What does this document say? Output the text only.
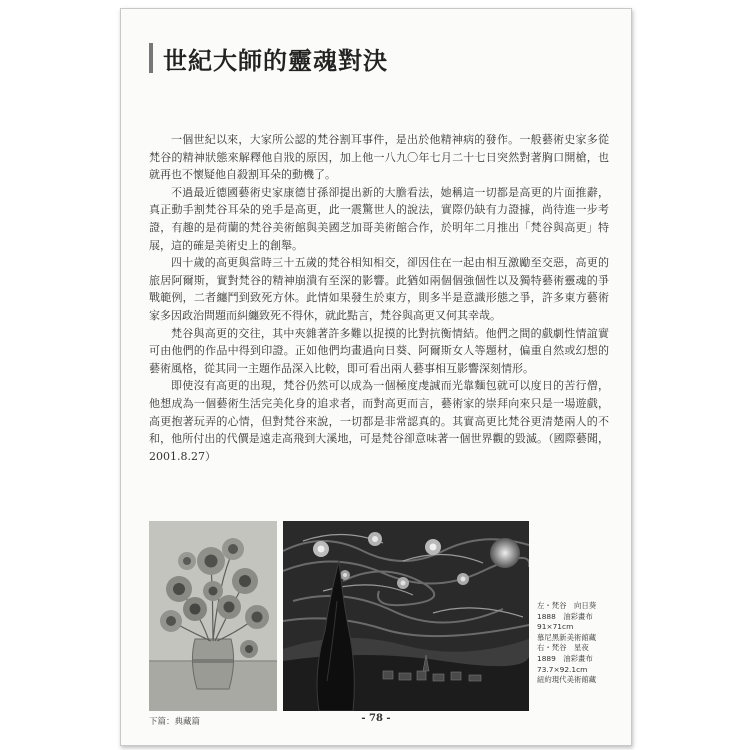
世紀大師的靈魂對決

一個世紀以來，大家所公認的梵谷割耳事件，是出於他精神病的發作。一般藝術史家多從梵谷的精神狀態來解釋他自戕的原因，加上他一八九〇年七月二十七日突然對著胸口開槍，也就再也不懷疑他自殺割耳朵的動機了。

不過最近德國藝術史家康德甘孫卻提出新的大膽看法，她稱這一切都是高更的片面推辭，真正動手割梵谷耳朵的兇手是高更，此一震驚世人的說法，實際仍缺有力證據，尚待進一步考證，有趣的是荷蘭的梵谷美術館與美國芝加哥美術館合作，於明年二月推出「梵谷與高更」特展，這的確是美術史上的創舉。

四十歲的高更與當時三十五歲的梵谷相知相交，卻因住在一起由相互激勵至交惡，高更的旅居阿爾斯，實對梵谷的精神崩潰有至深的影響。此猶如兩個個強個性以及獨特藝術靈魂的爭戰範例，二者纏鬥到致死方休。此情如果發生於東方，則多半是意識形態之爭，許多東方藝術家多因政治問題而糾纏致死不得休，就此點言，梵谷與高更又何其幸哉。

梵谷與高更的交往，其中夾雜著許多難以捉摸的比對抗衡情結。他們之間的戲劇性情誼實可由他們的作品中得到印證。正如他們均畫過向日葵、阿爾斯女人等題材，偏重自然或幻想的藝術風格，從其同一主題作品深入比較，即可看出兩人藝事相互影響深刻情形。

即使沒有高更的出現，梵谷仍然可以成為一個極度虔誠而光靠麵包就可以度日的苦行僧，他想成為一個藝術生活完美化身的追求者，而對高更而言，藝術家的崇拜向來只是一場遊戲，高更抱著玩弄的心情，但對梵谷來說，一切都是非常認真的。其實高更比梵谷更清楚兩人的不和，他所付出的代價是遠走高飛到大溪地，可是梵谷卻意味著一個世界觀的毀滅。（國際藝聞，2001.8.27）

左・梵谷　向日葵
1888　油彩畫布
91×71cm
慕尼黑新美術館藏
右・梵谷　星夜
1889　油彩畫布
73.7×92.1cm
紐約現代美術館藏
下篇：典藏篇	- 78 -
